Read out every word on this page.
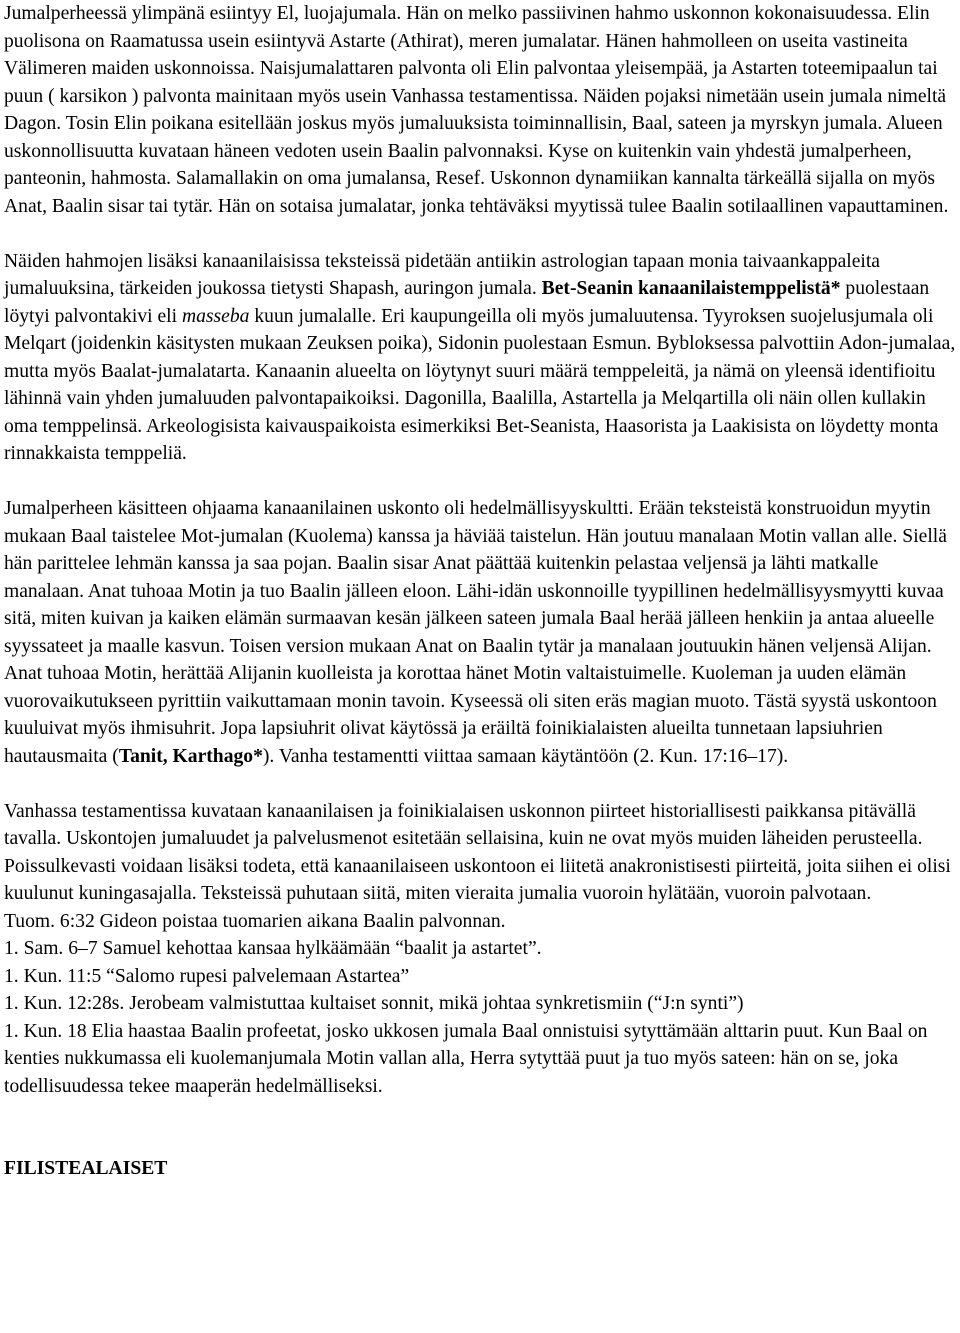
Jumalperheessä ylimpänä esiintyy El, luojajumala. Hän on melko passiivinen hahmo uskonnon kokonaisuudessa. Elin puolisona on Raamatussa usein esiintyvä Astarte (Athirat), meren jumalatar. Hänen hahmolleen on useita vastineita Välimeren maiden uskonnoissa. Naisjumalattaren palvonta oli Elin palvontaa yleisempää, ja Astarten toteemipaalun tai puun ( karsikon ) palvonta mainitaan myös usein Vanhassa testamentissa. Näiden pojaksi nimetään usein jumala nimeltä Dagon. Tosin Elin poikana esitellään joskus myös jumaluuksista toiminnallisin, Baal, sateen ja myrskyn jumala. Alueen uskonnollisuutta kuvataan häneen vedoten usein Baalin palvonnaksi. Kyse on kuitenkin vain yhdestä jumalperheen, panteonin, hahmosta. Salamallakin on oma jumalansa, Resef. Uskonnon dynamiikan kannalta tärkeällä sijalla on myös Anat, Baalin sisar tai tytär. Hän on sotaisa jumalatar, jonka tehtäväksi myytissä tulee Baalin sotilaallinen vapauttaminen.

Näiden hahmojen lisäksi kanaanilaisissa teksteissä pidetään antiikin astrologian tapaan monia taivaankappaleita jumaluuksina, tärkeiden joukossa tietysti Shapash, auringon jumala. Bet-Seanin kanaanilaistemppelistä* puolestaan löytyi palvontakivi eli masseba kuun jumalalle. Eri kaupungeilla oli myös jumaluutensa. Tyyroksen suojelusjumala oli Melqart (joidenkin käsitysten mukaan Zeuksen poika), Sidonin puolestaan Esmun. Bybloksessa palvottiin Adon-jumalaa, mutta myös Baalat-jumalatarta. Kanaanin alueelta on löytynyt suuri määrä temppeleitä, ja nämä on yleensä identifioitu lähinnä vain yhden jumaluuden palvontapaikoiksi. Dagonilla, Baalilla, Astartella ja Melqartilla oli näin ollen kullakin oma temppelinsä. Arkeologisista kaivauspaikoista esimerkiksi Bet-Seanista, Haasorista ja Laakisista on löydetty monta rinnakkaista temppeliä.

Jumalperheen käsitteen ohjaama kanaanilainen uskonto oli hedelmällisyyskultti. Erään teksteistä konstruoidun myytin mukaan Baal taistelee Mot-jumalan (Kuolema) kanssa ja häviää taistelun. Hän joutuu manalaan Motin vallan alle. Siellä hän parittelee lehmän kanssa ja saa pojan. Baalin sisar Anat päättää kuitenkin pelastaa veljensä ja lähti matkalle manalaan. Anat tuhoaa Motin ja tuo Baalin jälleen eloon. Lähi-idän uskonnoille tyypillinen hedelmällisyysmyytti kuvaa sitä, miten kuivan ja kaiken elämän surmaavan kesän jälkeen sateen jumala Baal herää jälleen henkiin ja antaa alueelle syyssateet ja maalle kasvun. Toisen version mukaan Anat on Baalin tytär ja manalaan joutuukin hänen veljensä Alijan. Anat tuhoaa Motin, herättää Alijanin kuolleista ja korottaa hänet Motin valtaistuimelle. Kuoleman ja uuden elämän vuorovaikutukseen pyrittiin vaikuttamaan monin tavoin. Kyseessä oli siten eräs magian muoto. Tästä syystä uskontoon kuuluivat myös ihmisuhrit. Jopa lapsiuhrit olivat käytössä ja eräiltä foinikialaisten alueilta tunnetaan lapsiuhrien hautausmaita (Tanit, Karthago*). Vanha testamentti viittaa samaan käytäntöön (2. Kun. 17:16–17).

Vanhassa testamentissa kuvataan kanaanilaisen ja foinikialaisen uskonnon piirteet historiallisesti paikkansa pitävällä tavalla. Uskontojen jumaluudet ja palvelusmenot esitetään sellaisina, kuin ne ovat myös muiden läheiden perusteella. Poissulkevasti voidaan lisäksi todeta, että kanaanilaiseen uskontoon ei liitetä anakronistisesti piirteitä, joita siihen ei olisi kuulunut kuningasajalla. Teksteissä puhutaan siitä, miten vieraita jumalia vuoroin hylätään, vuoroin palvotaan.

Tuom. 6:32 Gideon poistaa tuomarien aikana Baalin palvonnan.

1. Sam. 6–7 Samuel kehottaa kansaa hylkäämään “baalit ja astartet”.

1. Kun. 11:5 “Salomo rupesi palvelemaan Astartea”

1. Kun. 12:28s. Jerobeam valmistuttaa kultaiset sonnit, mikä johtaa synkretismiin (“J:n synti”)

1. Kun. 18 Elia haastaa Baalin profeetat, josko ukkosen jumala Baal onnistuisi sytyttämään alttarin puut. Kun Baal on kenties nukkumassa eli kuolemanjumala Motin vallan alla, Herra sytyttää puut ja tuo myös sateen: hän on se, joka todellisuudessa tekee maaperän hedelmälliseksi.

FILISTEALAISET
